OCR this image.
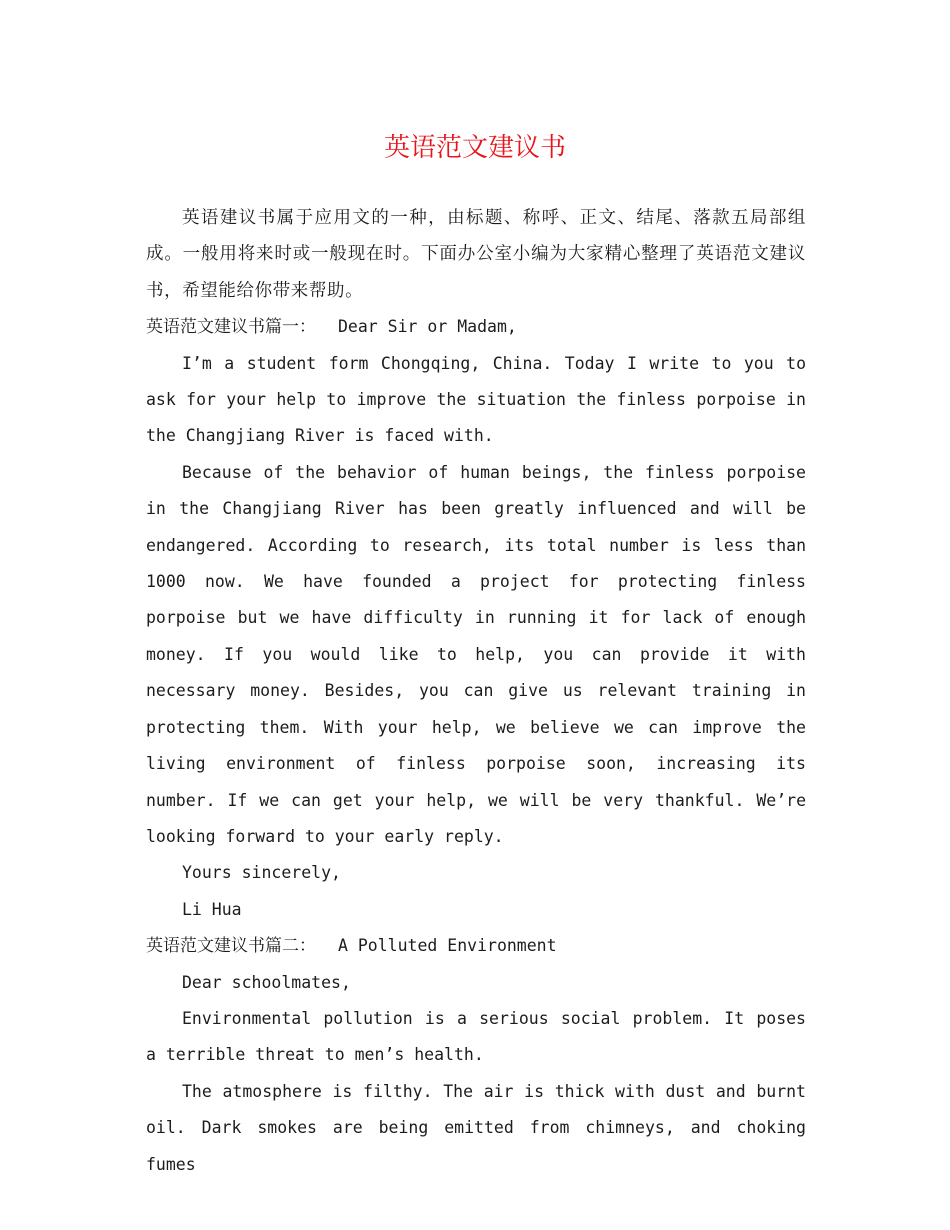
英语范文建议书

英语建议书属于应用文的一种，由标题、称呼、正文、结尾、落款五局部组成。一般用将来时或一般现在时。下面办公室小编为大家精心整理了英语范文建议书，希望能给你带来帮助。

英语范文建议书篇一： Dear Sir or Madam,

I’m a student form Chongqing, China. Today I write to you to ask for your help to improve the situation the finless porpoise in the Changjiang River is faced with.

Because of the behavior of human beings, the finless porpoise in the Changjiang River has been greatly influenced and will be endangered. According to research, its total number is less than 1000 now. We have founded a project for protecting finless porpoise but we have difficulty in running it for lack of enough money. If you would like to help, you can provide it with necessary money. Besides, you can give us relevant training in protecting them. With your help, we believe we can improve the living environment of finless porpoise soon, increasing its number. If we can get your help, we will be very thankful. We’re looking forward to your early reply.

Yours sincerely,

Li Hua

英语范文建议书篇二： A Polluted Environment

Dear schoolmates,

Environmental pollution is a serious social problem. It poses a terrible threat to men’s health.

The atmosphere is filthy. The air is thick with dust and burnt oil. Dark smokes are being emitted from chimneys, and choking fumes
